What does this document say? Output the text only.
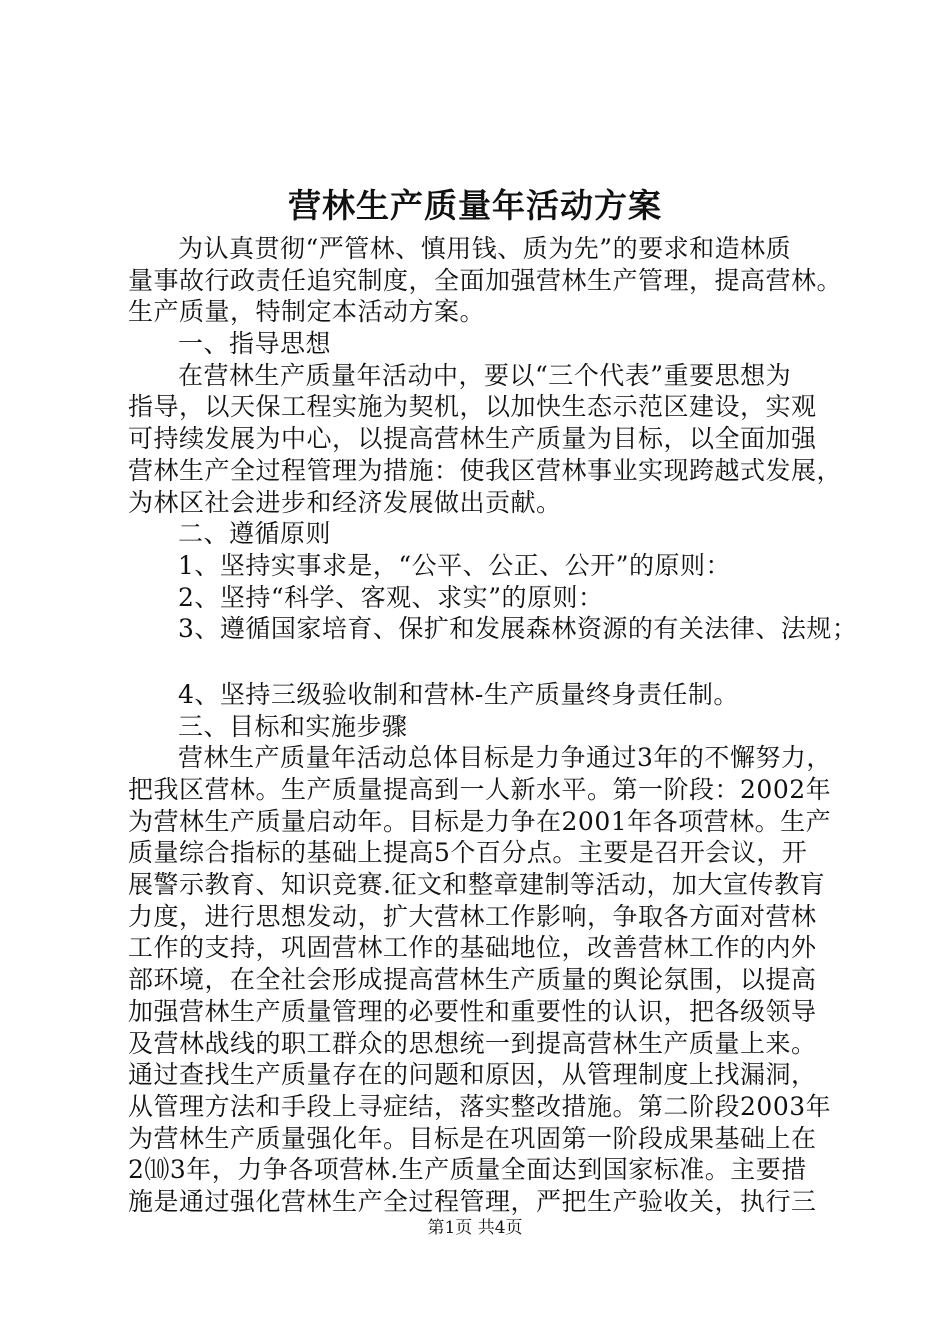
营林生产质量年活动方案
为认真贯彻“严管林、慎用钱、质为先”的要求和造林质
量事故行政责任追究制度，全面加强营林生产管理，提高营林。
生产质量，特制定本活动方案。
一、指导思想
在营林生产质量年活动中，要以“三个代表”重要思想为
指导，以天保工程实施为契机，以加快生态示范区建设，实观
可持续发展为中心，以提高营林生产质量为目标，以全面加强
营林生产全过程管理为措施：使我区营林事业实现跨越式发展，
为林区社会进步和经济发展做出贡献。
二、遵循原则
1、坚持实事求是，“公平、公正、公开”的原则：
2、坚持“科学、客观、求实”的原则：
3、遵循国家培育、保扩和发展森林资源的有关法律、法规；
4、坚持三级验收制和营林-生产质量终身责任制。
三、目标和实施步骤
营林生产质量年活动总体目标是力争通过3年的不懈努力，
把我区营林。生产质量提高到一人新水平。第一阶段：2002年
为营林生产质量启动年。目标是力争在2001年各项营林。生产
质量综合指标的基础上提高5个百分点。主要是召开会议，开
展警示教育、知识竞赛.征文和整章建制等活动，加大宣传教肓
力度，进行思想发动，扩大营林工作影响，争取各方面对营林
工作的支持，巩固营林工作的基础地位，改善营林工作的内外
部环境，在全社会形成提高营林生产质量的舆论氛围，以提高
加强营林生产质量管理的必要性和重要性的认识，把各级领导
及营林战线的职工群众的思想统一到提高营林生产质量上来。
通过查找生产质量存在的问题和原因，从管理制度上找漏洞，
从管理方法和手段上寻症结，落实整改措施。第二阶段2003年
为营林生产质量强化年。目标是在巩固第一阶段成果基础上在
2⑽3年，力争各项营林.生产质量全面达到国家标准。主要措
施是通过强化营林生产全过程管理，严把生产验收关，执行三
第1页 共4页
